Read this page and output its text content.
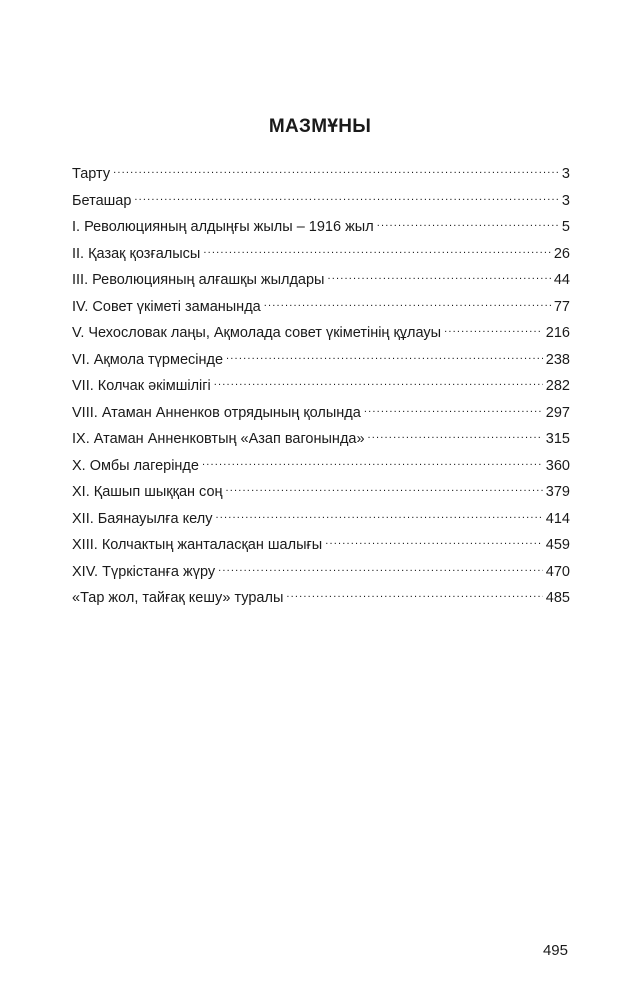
МАЗМҰНЫ
Тарту .....	3
Беташар .....	3
I. Революцияның алдыңғы жылы – 1916 жыл .....	5
II. Қазақ қозғалысы .....	26
III. Революцияның алғашқы жылдары .....	44
IV. Совет үкіметі заманында .....	77
V. Чехословак лаңы, Ақмолада совет үкіметінің құлауы .....	216
VI. Ақмола түрмесінде .....	238
VII. Колчак әкімшілігі .....	282
VIII. Атаман Анненков отрядының қолында .....	297
IX. Атаман Анненковтың «Азап вагонында» .....	315
X. Омбы лагерінде .....	360
XI. Қашып шыққан соң .....	379
XII. Баянауылға келу .....	414
XIII. Колчактың жанталасқан шалығы .....	459
XIV. Түркістанға жүру .....	470
«Тар жол, тайғақ кешу» туралы .....	485
495
